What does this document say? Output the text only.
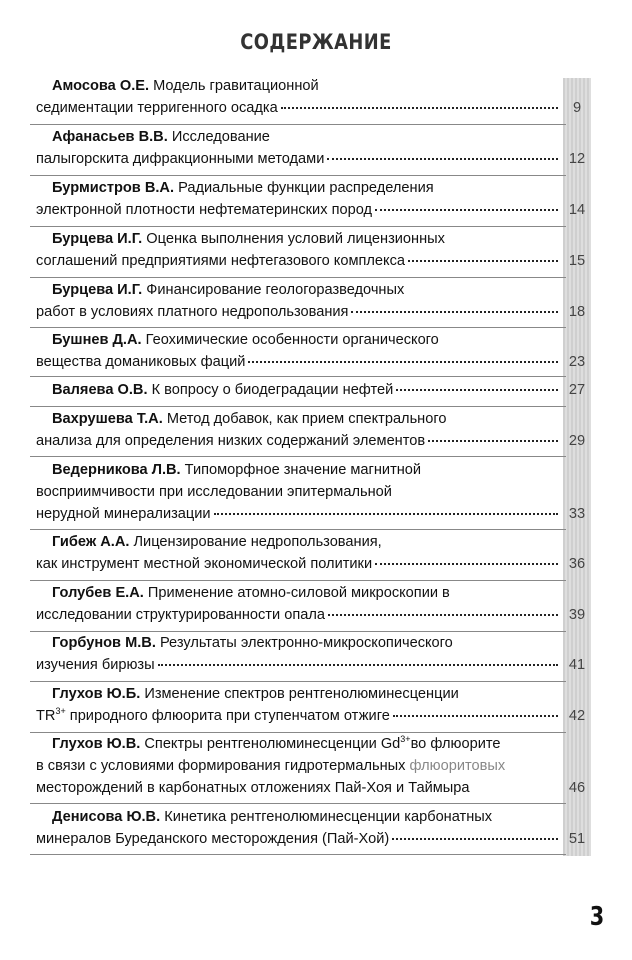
СОДЕРЖАНИЕ
Амосова О.Е. Модель гравитационной
седиментации терригенного осадка	9
Афанасьев В.В. Исследование
палыгорскита дифракционными методами	12
Бурмистров В.А. Радиальные функции распределения
электронной плотности нефтематеринских пород	14
Бурцева И.Г. Оценка выполнения условий лицензионных
соглашений предприятиями нефтегазового комплекса	15
Бурцева И.Г. Финансирование геологоразведочных
работ в условиях платного недропользования	18
Бушнев Д.А. Геохимические особенности органического
вещества доманиковых фаций	23
Валяева О.В. К вопросу о биодеградации нефтей	27
Вахрушева Т.А. Метод добавок, как прием спектрального
анализа для определения низких содержаний элементов	29
Ведерникова Л.В. Типоморфное значение магнитной
восприимчивости при исследовании эпитермальной
нерудной минерализации	33
Гибеж А.А. Лицензирование недропользования,
как инструмент местной экономической политики	36
Голубев Е.А. Применение атомно-силовой микроскопии в
исследовании структурированности опала	39
Горбунов М.В. Результаты электронно-микроскопического
изучения бирюзы	41
Глухов Ю.Б. Изменение спектров рентгенолюминесценции
$TR^{3+}$ природного флюорита при ступенчатом отжиге	42
Глухов Ю.В. Спектры рентгенолюминесценции $Gd^{3+}во$ флюорите
в связи с условиями формирования гидротермальных флюоритовых
месторождений в карбонатных отложениях Пай-Хоя и Таймыра	46
Денисова Ю.В. Кинетика рентгенолюминесценции карбонатных
минералов Буреданского месторождения (Пай-Хой)	51
3
